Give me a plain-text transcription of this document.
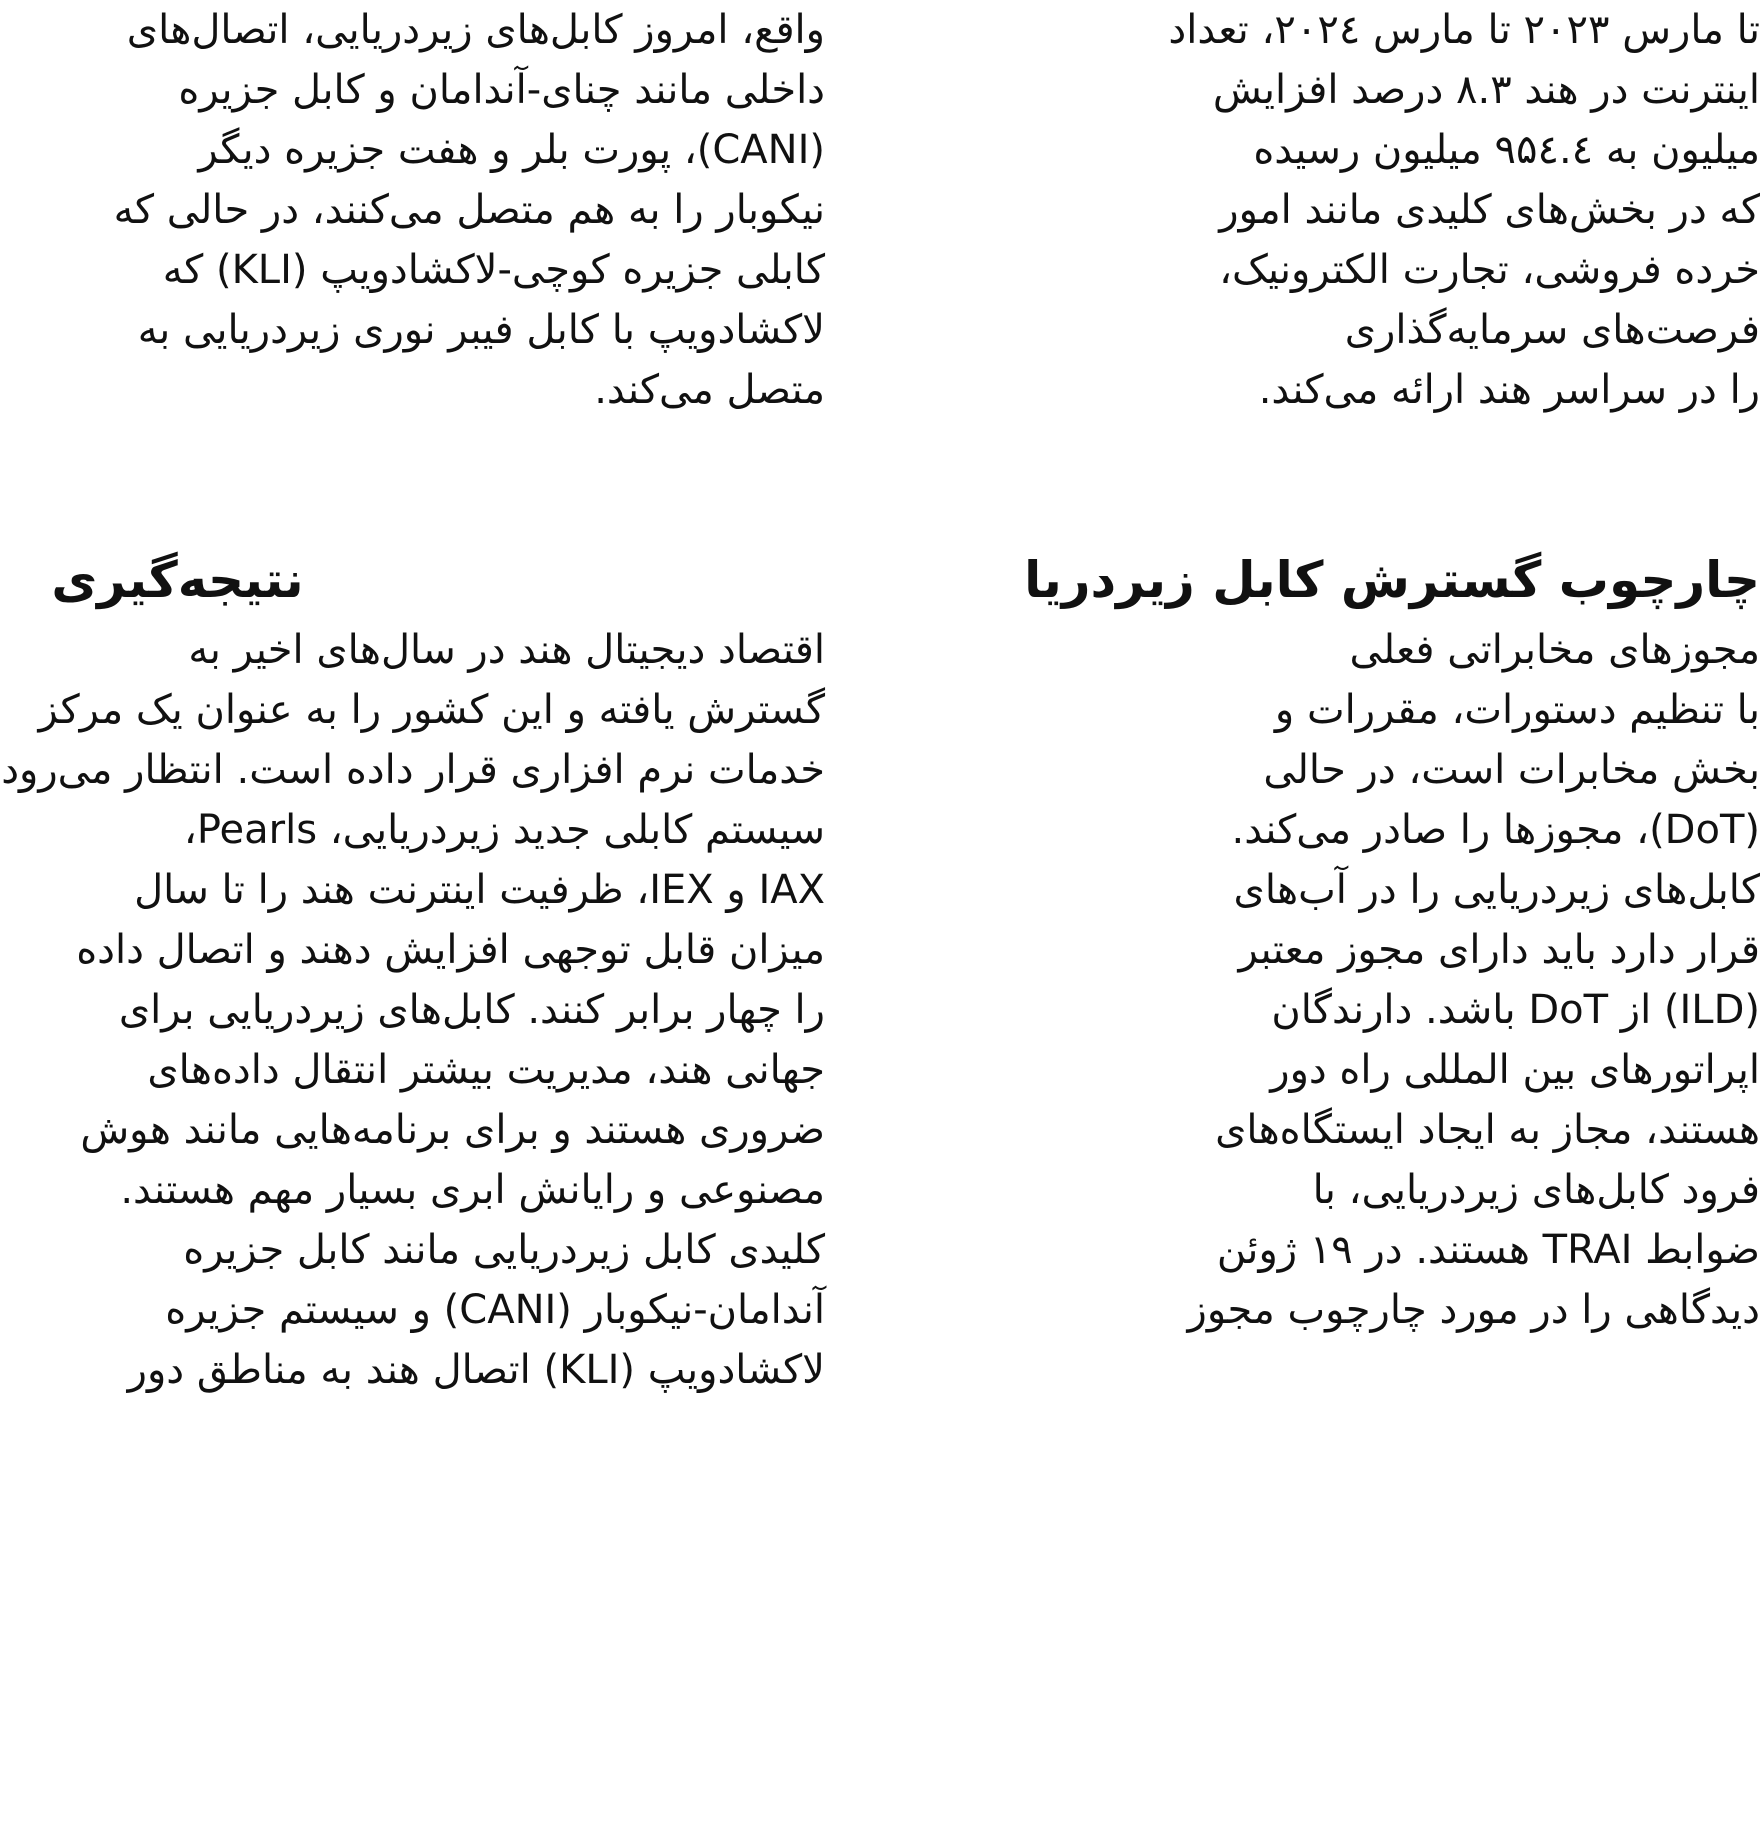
واقع، امروز کابل‌های زیردریایی، اتصال‌های
داخلی مانند چنای-آندامان و کابل جزیره
(CANI)، پورت بلر و هفت جزیره دیگر
نیکوبار را به هم متصل می‌کنند، در حالی که
کابلی جزیره کوچی-لاکشادویپ (KLI) که
لاکشادویپ با کابل فیبر نوری زیردریایی به
متصل می‌کند.
نتیجه‌گیری
اقتصاد دیجیتال هند در سال‌های اخیر به
گسترش یافته و این کشور را به عنوان یک مرکز
خدمات نرم افزاری قرار داده است. انتظار می‌رود
سیستم کابلی جدید زیردریایی، Pearls،
IAX و IEX، ظرفیت اینترنت هند را تا سال
میزان قابل توجهی افزایش دهند و اتصال داده
را چهار برابر کنند. کابل‌های زیردریایی برای
جهانی هند، مدیریت بیشتر انتقال داده‌های
ضروری هستند و برای برنامه‌هایی مانند هوش
مصنوعی و رایانش ابری بسیار مهم هستند.
کلیدی کابل زیردریایی مانند کابل جزیره
آندامان-نیکوبار (CANI) و سیستم جزیره
لاکشادویپ (KLI) اتصال هند به مناطق دور
تا مارس ۲۰۲۳ تا مارس ۲۰۲٤، تعداد
اینترنت در هند ۸.۳ درصد افزایش
میلیون به ۹۵٤.٤ میلیون رسیده
که در بخش‌های کلیدی مانند امور
خرده فروشی، تجارت الکترونیک،
فرصت‌های سرمایه‌گذاری
را در سراسر هند ارائه می‌کند.
چارچوب گسترش کابل زیردریا
مجوزهای مخابراتی فعلی
با تنظیم دستورات، مقررات و
بخش مخابرات است، در حالی
(DoT)، مجوزها را صادر می‌کند.
کابل‌های زیردریایی را در آب‌های
قرار دارد باید دارای مجوز معتبر
(ILD) از DoT باشد. دارندگان
اپراتورهای بین المللی راه دور
هستند، مجاز به ایجاد ایستگاه‌های
فرود کابل‌های زیردریایی، با
ضوابط TRAI هستند. در ۱۹ ژوئن
دیدگاهی را در مورد چارچوب مجوز
